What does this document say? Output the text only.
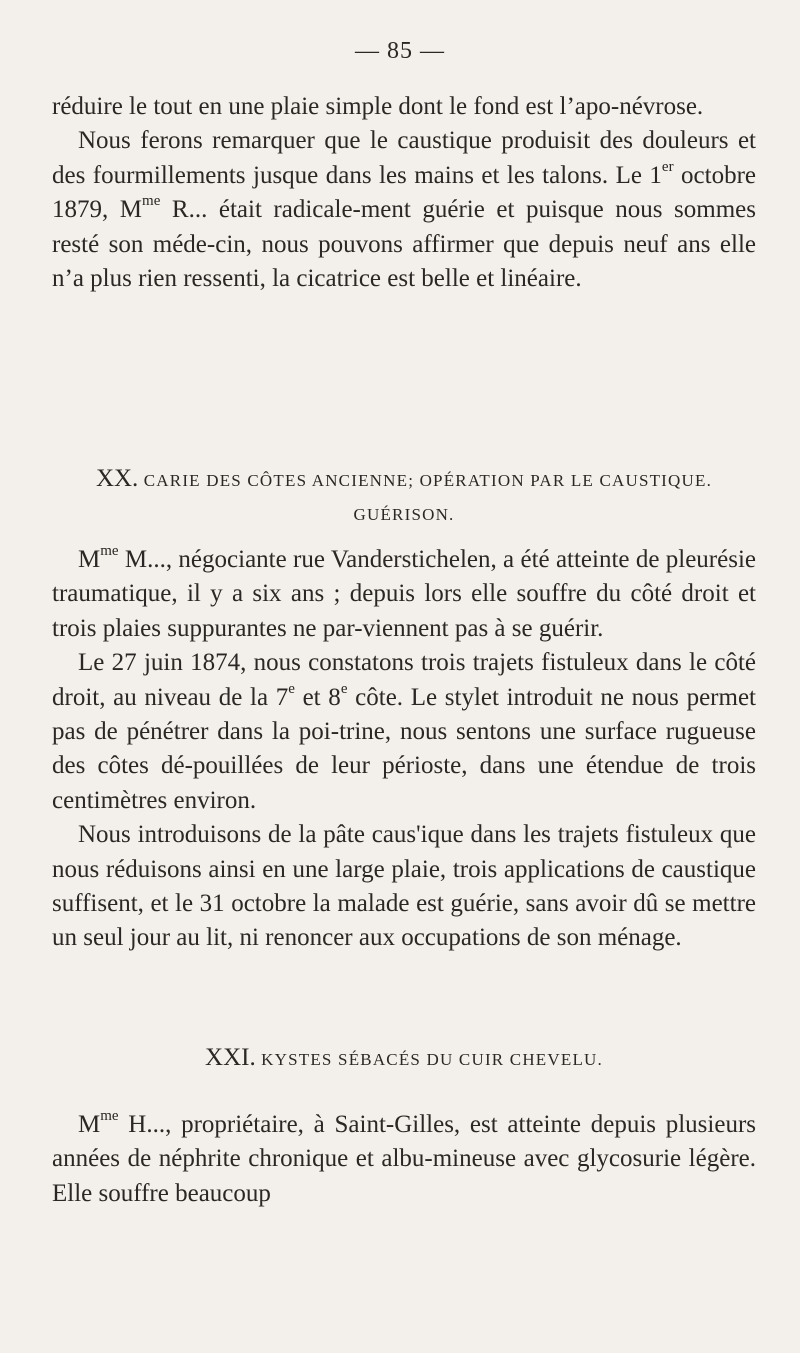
— 85 —

réduire le tout en une plaie simple dont le fond est l’apo-névrose.

Nous ferons remarquer que le caustique produisit des douleurs et des fourmillements jusque dans les mains et les talons. Le 1er octobre 1879, $M^{me}$ R... était radicale-ment guérie et puisque nous sommes resté son méde-cin, nous pouvons affirmer que depuis neuf ans elle n’a plus rien ressenti, la cicatrice est belle et linéaire.

XX. CARIE DES CÔTES ANCIENNE; OPÉRATION PAR LE CAUSTIQUE. GUÉRISON.

$M^{me}$ M..., négociante rue Vanderstichelen, a été atteinte de pleurésie traumatique, il y a six ans ; depuis lors elle souffre du côté droit et trois plaies suppurantes ne par-viennent pas à se guérir.

Le 27 juin 1874, nous constatons trois trajets fistuleux dans le côté droit, au niveau de la 7e et 8e côte. Le stylet introduit ne nous permet pas de pénétrer dans la poi-trine, nous sentons une surface rugueuse des côtes dé-pouillées de leur périoste, dans une étendue de trois centimètres environ.

Nous introduisons de la pâte caus'ique dans les trajets fistuleux que nous réduisons ainsi en une large plaie, trois applications de caustique suffisent, et le 31 octobre la malade est guérie, sans avoir dû se mettre un seul jour au lit, ni renoncer aux occupations de son ménage.

XXI. KYSTES SÉBACÉS DU CUIR CHEVELU.

$M^{me}$ H..., propriétaire, à Saint-Gilles, est atteinte depuis plusieurs années de néphrite chronique et albu-mineuse avec glycosurie légère. Elle souffre beaucoup
